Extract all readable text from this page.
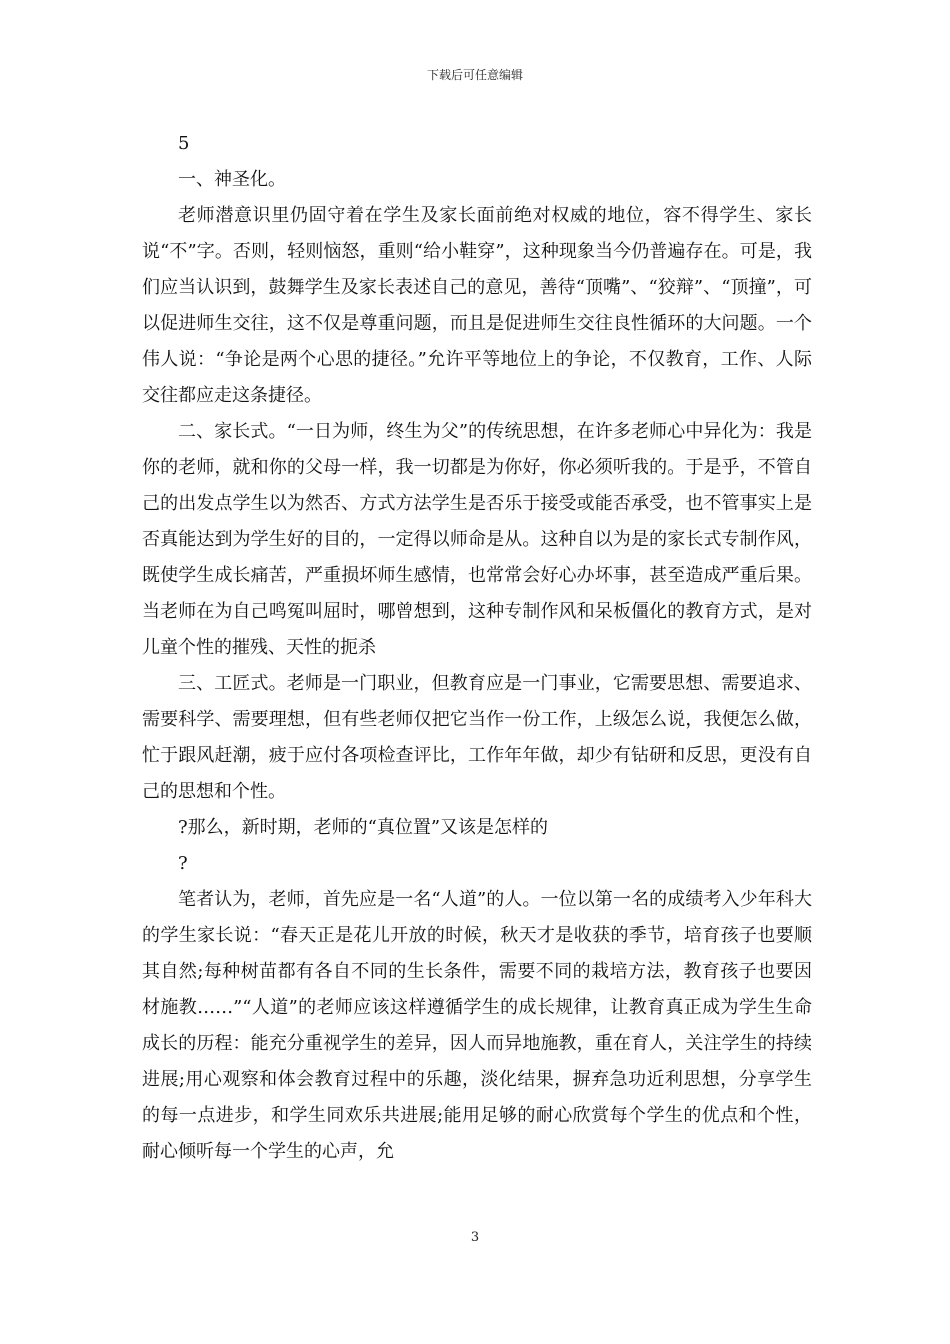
下载后可任意编辑

5

一、神圣化。

老师潜意识里仍固守着在学生及家长面前绝对权威的地位，容不得学生、家长说“不”字。否则，轻则恼怒，重则“给小鞋穿”，这种现象当今仍普遍存在。可是，我们应当认识到，鼓舞学生及家长表述自己的意见，善待“顶嘴”、“狡辩”、“顶撞”，可以促进师生交往，这不仅是尊重问题，而且是促进师生交往良性循环的大问题。一个伟人说：“争论是两个心思的捷径。”允许平等地位上的争论，不仅教育，工作、人际交往都应走这条捷径。

二、家长式。“一日为师，终生为父”的传统思想，在许多老师心中异化为：我是你的老师，就和你的父母一样，我一切都是为你好，你必须听我的。于是乎，不管自己的出发点学生以为然否、方式方法学生是否乐于接受或能否承受，也不管事实上是否真能达到为学生好的目的，一定得以师命是从。这种自以为是的家长式专制作风，既使学生成长痛苦，严重损坏师生感情，也常常会好心办坏事，甚至造成严重后果。当老师在为自己鸣冤叫屈时，哪曾想到，这种专制作风和呆板僵化的教育方式，是对儿童个性的摧残、天性的扼杀

三、工匠式。老师是一门职业，但教育应是一门事业，它需要思想、需要追求、需要科学、需要理想，但有些老师仅把它当作一份工作，上级怎么说，我便怎么做，忙于跟风赶潮，疲于应付各项检查评比，工作年年做，却少有钻研和反思，更没有自己的思想和个性。

?那么，新时期，老师的“真位置”又该是怎样的

?

笔者认为，老师，首先应是一名“人道”的人。一位以第一名的成绩考入少年科大的学生家长说：“春天正是花儿开放的时候，秋天才是收获的季节，培育孩子也要顺其自然;每种树苗都有各自不同的生长条件，需要不同的栽培方法，教育孩子也要因材施教……”“人道”的老师应该这样遵循学生的成长规律，让教育真正成为学生生命成长的历程：能充分重视学生的差异，因人而异地施教，重在育人，关注学生的持续进展;用心观察和体会教育过程中的乐趣，淡化结果，摒弃急功近利思想，分享学生的每一点进步，和学生同欢乐共进展;能用足够的耐心欣赏每个学生的优点和个性，耐心倾听每一个学生的心声，允

3
